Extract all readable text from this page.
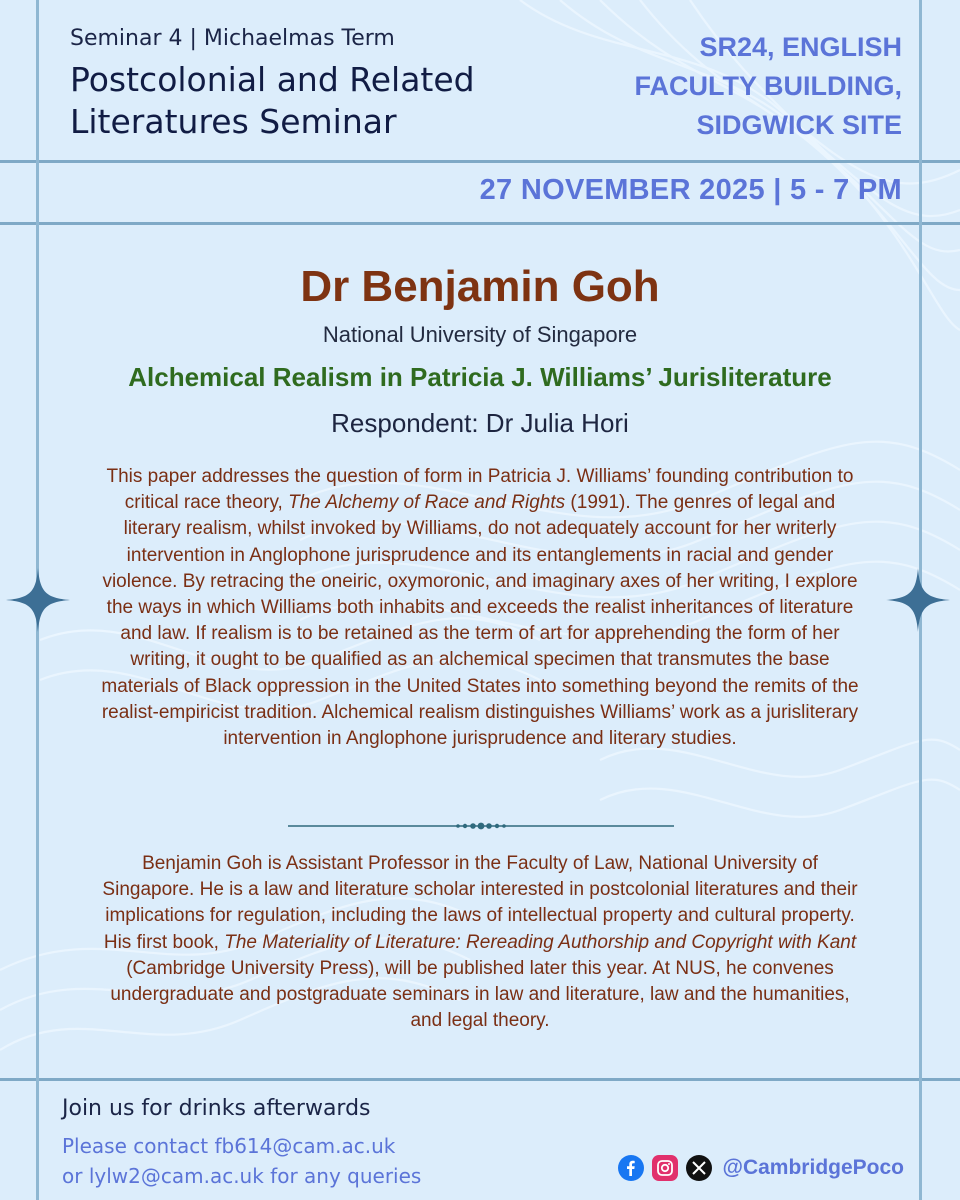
Seminar 4 | Michaelmas Term
Postcolonial and Related
Literatures Seminar
SR24, ENGLISH
FACULTY BUILDING,
SIDGWICK SITE
27 NOVEMBER 2025 | 5 - 7 PM
Dr Benjamin Goh
National University of Singapore
Alchemical Realism in Patricia J. Williams’ Jurisliterature
Respondent: Dr Julia Hori
This paper addresses the question of form in Patricia J. Williams’ founding contribution to critical race theory, The Alchemy of Race and Rights (1991). The genres of legal and literary realism, whilst invoked by Williams, do not adequately account for her writerly intervention in Anglophone jurisprudence and its entanglements in racial and gender violence. By retracing the oneiric, oxymoronic, and imaginary axes of her writing, I explore the ways in which Williams both inhabits and exceeds the realist inheritances of literature and law. If realism is to be retained as the term of art for apprehending the form of her writing, it ought to be qualified as an alchemical specimen that transmutes the base materials of Black oppression in the United States into something beyond the remits of the realist-empiricist tradition. Alchemical realism distinguishes Williams’ work as a jurisliterary intervention in Anglophone jurisprudence and literary studies.
Benjamin Goh is Assistant Professor in the Faculty of Law, National University of Singapore. He is a law and literature scholar interested in postcolonial literatures and their implications for regulation, including the laws of intellectual property and cultural property. His first book, The Materiality of Literature: Rereading Authorship and Copyright with Kant (Cambridge University Press), will be published later this year. At NUS, he convenes undergraduate and postgraduate seminars in law and literature, law and the humanities, and legal theory.
Join us for drinks afterwards
Please contact fb614@cam.ac.uk
or lylw2@cam.ac.uk for any queries	@CambridgePoco
